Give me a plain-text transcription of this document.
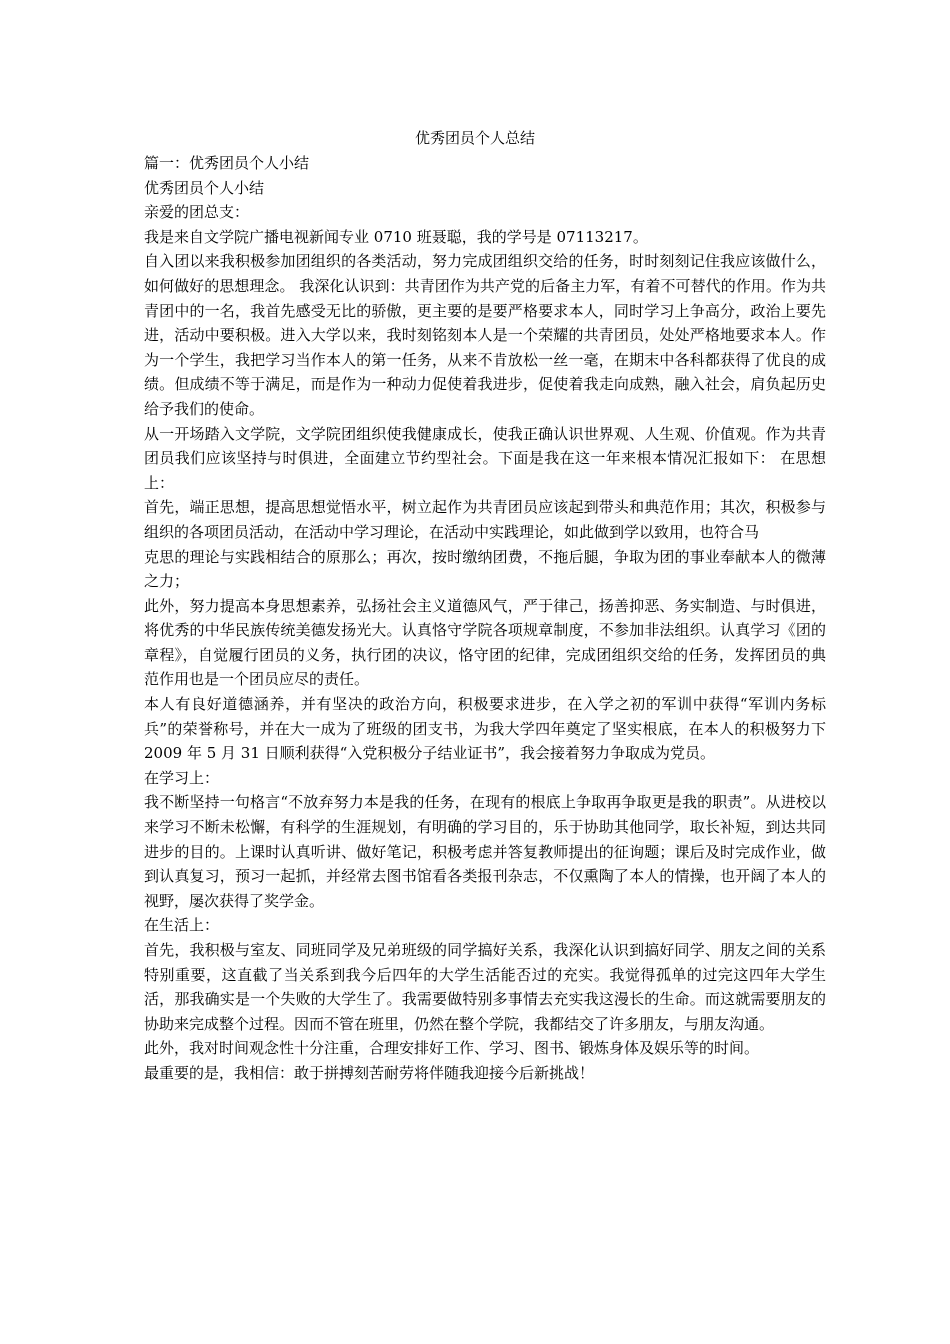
优秀团员个人总结

篇一：优秀团员个人小结

优秀团员个人小结

亲爱的团总支：

我是来自文学院广播电视新闻专业 0710 班聂聪，我的学号是 07113217。

自入团以来我积极参加团组织的各类活动，努力完成团组织交给的任务，时时刻刻记住我应该做什么，如何做好的思想理念。 我深化认识到：共青团作为共产党的后备主力军，有着不可替代的作用。作为共青团中的一名，我首先感受无比的骄傲，更主要的是要严格要求本人，同时学习上争高分，政治上要先进，活动中要积极。进入大学以来，我时刻铭刻本人是一个荣耀的共青团员，处处严格地要求本人。作为一个学生，我把学习当作本人的第一任务，从来不肯放松一丝一毫，在期末中各科都获得了优良的成绩。但成绩不等于满足，而是作为一种动力促使着我进步，促使着我走向成熟，融入社会，肩负起历史给予我们的使命。

从一开场踏入文学院，文学院团组织使我健康成长，使我正确认识世界观、人生观、价值观。作为共青团员我们应该坚持与时俱进，全面建立节约型社会。下面是我在这一年来根本情况汇报如下： 在思想上：

首先，端正思想，提高思想觉悟水平，树立起作为共青团员应该起到带头和典范作用；其次，积极参与组织的各项团员活动，在活动中学习理论，在活动中实践理论，如此做到学以致用，也符合马

克思的理论与实践相结合的原那么；再次，按时缴纳团费，不拖后腿，争取为团的事业奉献本人的微薄之力；

此外，努力提高本身思想素养，弘扬社会主义道德风气，严于律己，扬善抑恶、务实制造、与时俱进，将优秀的中华民族传统美德发扬光大。认真恪守学院各项规章制度，不参加非法组织。认真学习《团的章程》，自觉履行团员的义务，执行团的决议，恪守团的纪律，完成团组织交给的任务，发挥团员的典范作用也是一个团员应尽的责任。

本人有良好道德涵养，并有坚决的政治方向，积极要求进步，在入学之初的军训中获得“军训内务标兵”的荣誉称号，并在大一成为了班级的团支书，为我大学四年奠定了坚实根底，在本人的积极努力下 2009 年 5 月 31 日顺利获得“入党积极分子结业证书”，我会接着努力争取成为党员。

在学习上：

我不断坚持一句格言“不放弃努力本是我的任务，在现有的根底上争取再争取更是我的职责”。从进校以来学习不断未松懈，有科学的生涯规划，有明确的学习目的，乐于协助其他同学，取长补短，到达共同进步的目的。上课时认真听讲、做好笔记，积极考虑并答复教师提出的征询题；课后及时完成作业，做到认真复习，预习一起抓，并经常去图书馆看各类报刊杂志，不仅熏陶了本人的情操，也开阔了本人的视野，屡次获得了奖学金。

在生活上：

首先，我积极与室友、同班同学及兄弟班级的同学搞好关系，我深化认识到搞好同学、朋友之间的关系特别重要，这直截了当关系到我今后四年的大学生活能否过的充实。我觉得孤单的过完这四年大学生活，那我确实是一个失败的大学生了。我需要做特别多事情去充实我这漫长的生命。而这就需要朋友的协助来完成整个过程。因而不管在班里，仍然在整个学院，我都结交了许多朋友，与朋友沟通。

此外，我对时间观念性十分注重，合理安排好工作、学习、图书、锻炼身体及娱乐等的时间。

最重要的是，我相信：敢于拼搏刻苦耐劳将伴随我迎接今后新挑战！
